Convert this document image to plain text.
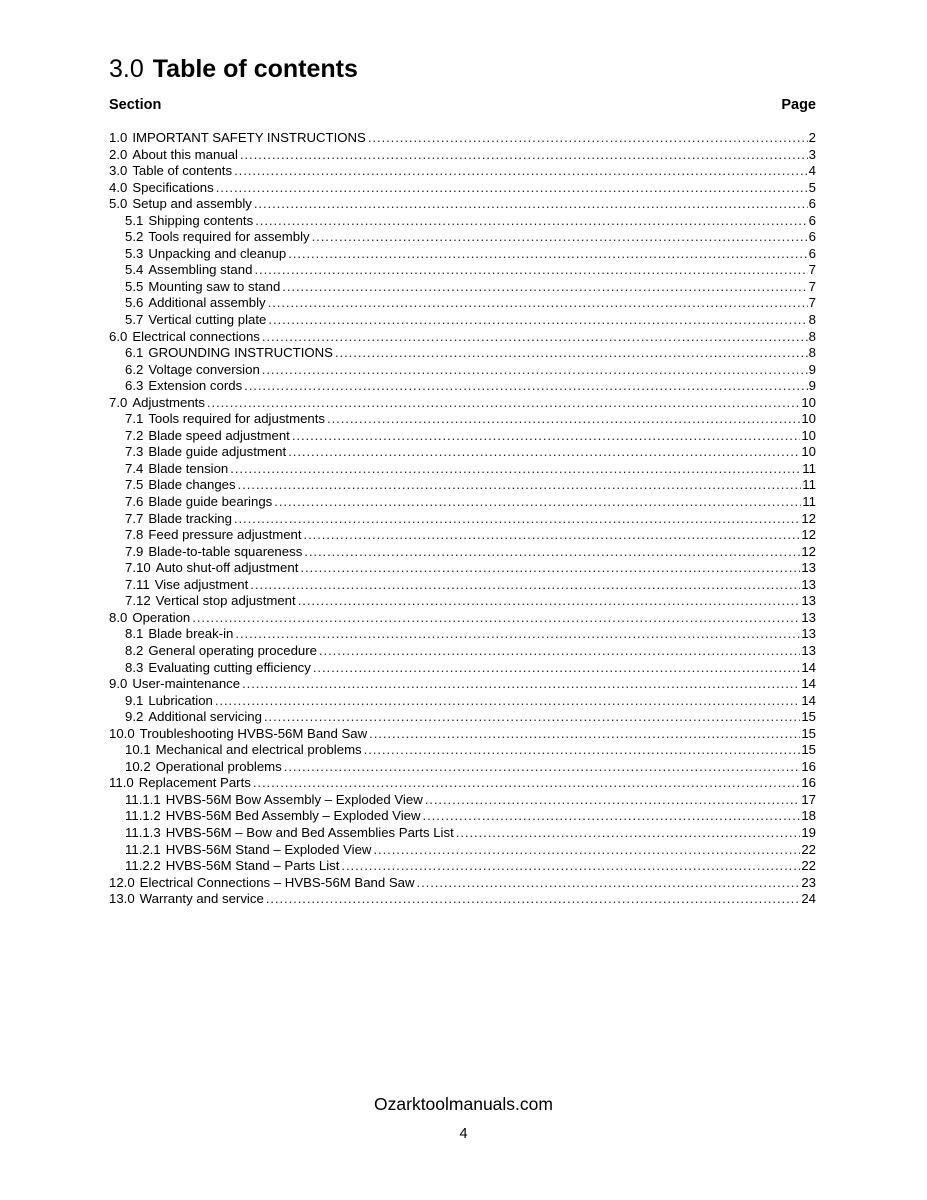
3.0 Table of contents
Section	Page
1.0 IMPORTANT SAFETY INSTRUCTIONS .....	2
2.0 About this manual .....	3
3.0 Table of contents .....	4
4.0 Specifications .....	5
5.0 Setup and assembly .....	6
5.1 Shipping contents .....	6
5.2 Tools required for assembly .....	6
5.3 Unpacking and cleanup .....	6
5.4 Assembling stand .....	7
5.5 Mounting saw to stand .....	7
5.6 Additional assembly .....	7
5.7 Vertical cutting plate .....	8
6.0 Electrical connections .....	8
6.1 GROUNDING INSTRUCTIONS .....	8
6.2 Voltage conversion .....	9
6.3 Extension cords .....	9
7.0 Adjustments .....	10
7.1 Tools required for adjustments .....	10
7.2 Blade speed adjustment .....	10
7.3 Blade guide adjustment .....	10
7.4 Blade tension .....	11
7.5 Blade changes .....	11
7.6 Blade guide bearings .....	11
7.7 Blade tracking .....	12
7.8 Feed pressure adjustment .....	12
7.9 Blade-to-table squareness .....	12
7.10 Auto shut-off adjustment .....	13
7.11 Vise adjustment .....	13
7.12 Vertical stop adjustment .....	13
8.0 Operation .....	13
8.1 Blade break-in .....	13
8.2 General operating procedure .....	13
8.3 Evaluating cutting efficiency .....	14
9.0 User-maintenance .....	14
9.1 Lubrication .....	14
9.2 Additional servicing .....	15
10.0 Troubleshooting HVBS-56M Band Saw .....	15
10.1 Mechanical and electrical problems .....	15
10.2 Operational problems .....	16
11.0 Replacement Parts .....	16
11.1.1 HVBS-56M Bow Assembly – Exploded View .....	17
11.1.2 HVBS-56M Bed Assembly – Exploded View .....	18
11.1.3 HVBS-56M – Bow and Bed Assemblies Parts List .....	19
11.2.1 HVBS-56M Stand – Exploded View .....	22
11.2.2 HVBS-56M Stand – Parts List .....	22
12.0 Electrical Connections – HVBS-56M Band Saw .....	23
13.0 Warranty and service .....	24
Ozarktoolmanuals.com
4
